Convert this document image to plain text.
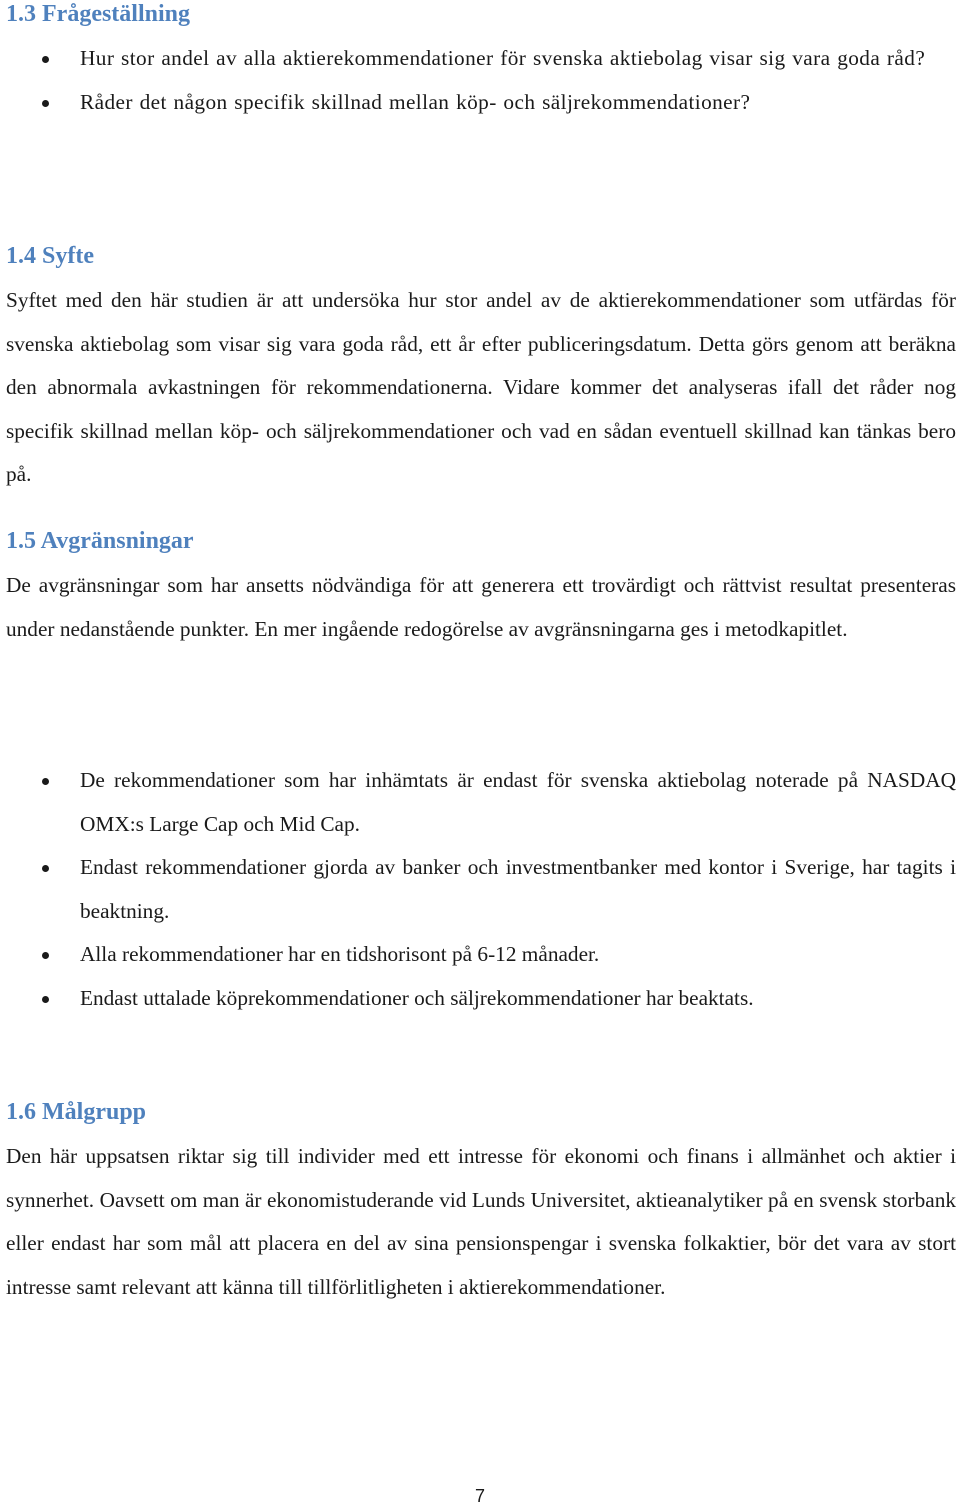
1.3 Frågeställning
Hur stor andel av alla aktierekommendationer för svenska aktiebolag visar sig vara goda råd?
Råder det någon specifik skillnad mellan köp- och säljrekommendationer?
1.4 Syfte

Syftet med den här studien är att undersöka hur stor andel av de aktierekommendationer som utfärdas för svenska aktiebolag som visar sig vara goda råd, ett år efter publiceringsdatum. Detta görs genom att beräkna den abnormala avkastningen för rekommendationerna. Vidare kommer det analyseras ifall det råder nog specifik skillnad mellan köp- och säljrekommendationer och vad en sådan eventuell skillnad kan tänkas bero på.

1.5 Avgränsningar

De avgränsningar som har ansetts nödvändiga för att generera ett trovärdigt och rättvist resultat presenteras under nedanstående punkter. En mer ingående redogörelse av avgränsningarna ges i metodkapitlet.

De rekommendationer som har inhämtats är endast för svenska aktiebolag noterade på NASDAQ OMX:s Large Cap och Mid Cap.
Endast rekommendationer gjorda av banker och investmentbanker med kontor i Sverige, har tagits i beaktning.
Alla rekommendationer har en tidshorisont på 6-12 månader.
Endast uttalade köprekommendationer och säljrekommendationer har beaktats.
1.6 Målgrupp

Den här uppsatsen riktar sig till individer med ett intresse för ekonomi och finans i allmänhet och aktier i synnerhet. Oavsett om man är ekonomistuderande vid Lunds Universitet, aktieanalytiker på en svensk storbank eller endast har som mål att placera en del av sina pensionspengar i svenska folkaktier, bör det vara av stort intresse samt relevant att känna till tillförlitligheten i aktierekommendationer.

7
